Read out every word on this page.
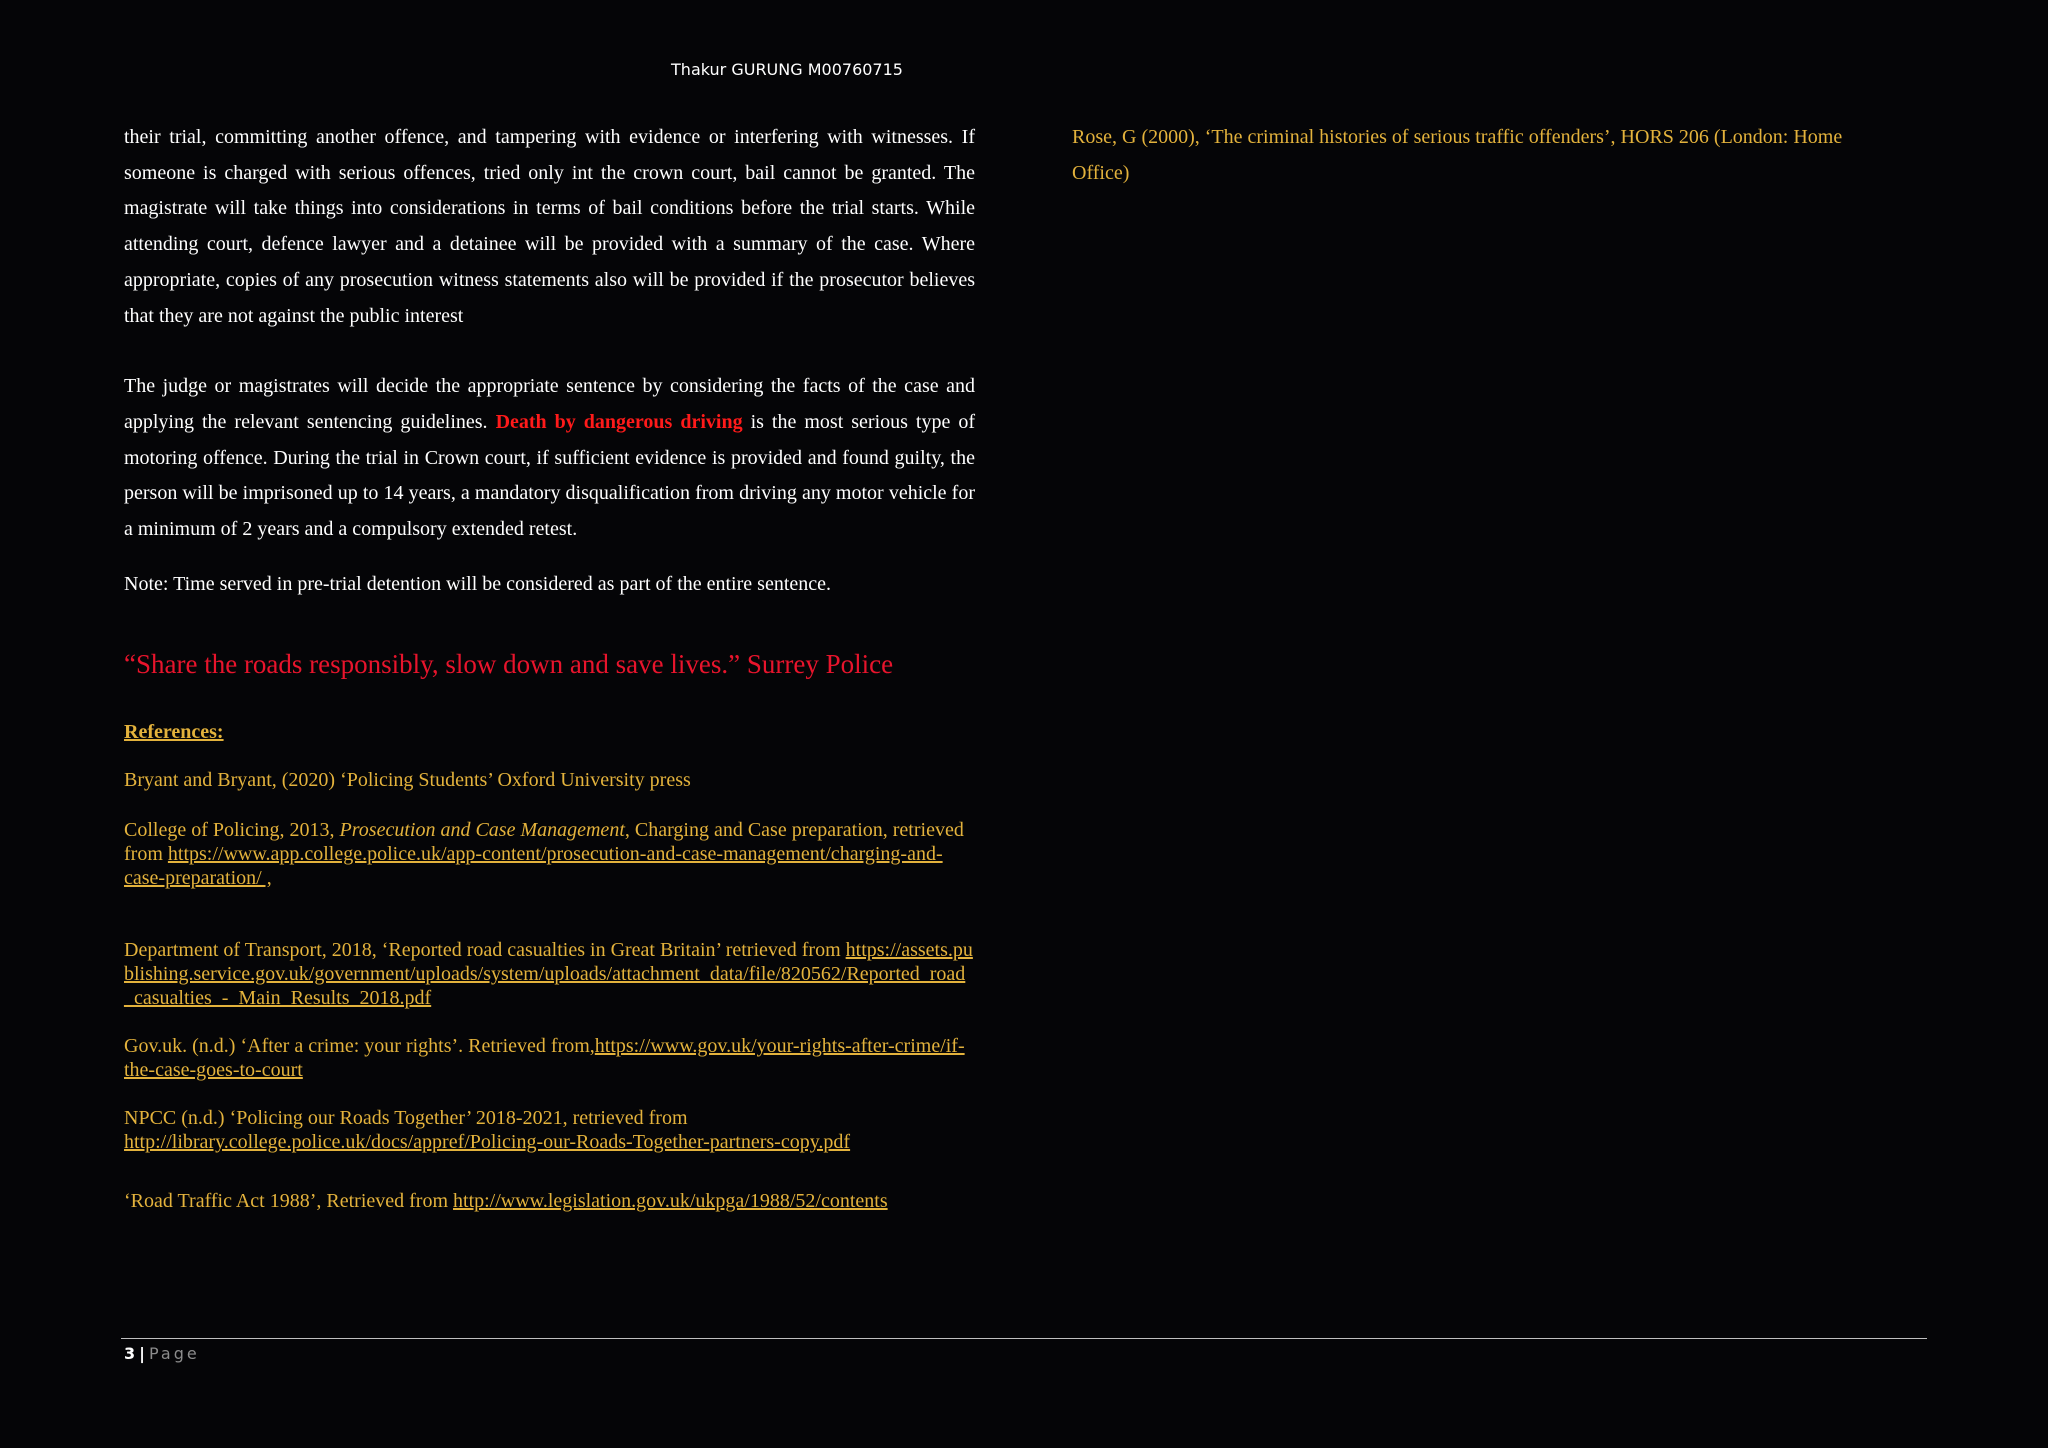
Thakur GURUNG M00760715

their trial, committing another offence, and tampering with evidence or interfering with witnesses. If someone is charged with serious offences, tried only int the crown court, bail cannot be granted. The magistrate will take things into considerations in terms of bail conditions before the trial starts. While attending court, defence lawyer and a detainee will be provided with a summary of the case. Where appropriate, copies of any prosecution witness statements also will be provided if the prosecutor believes that they are not against the public interest

The judge or magistrates will decide the appropriate sentence by considering the facts of the case and applying the relevant sentencing guidelines. Death by dangerous driving is the most serious type of motoring offence. During the trial in Crown court, if sufficient evidence is provided and found guilty, the person will be imprisoned up to 14 years, a mandatory disqualification from driving any motor vehicle for a minimum of 2 years and a compulsory extended retest.

Note: Time served in pre-trial detention will be considered as part of the entire sentence.

“Share the roads responsibly, slow down and save lives.” Surrey Police

References:

Bryant and Bryant, (2020) ‘Policing Students’ Oxford University press

College of Policing, 2013, Prosecution and Case Management, Charging and Case preparation, retrieved from https://www.app.college.police.uk/app-content/prosecution-and-case-management/charging-and-case-preparation/ ,

Department of Transport, 2018, ‘Reported road casualties in Great Britain’ retrieved from https://assets.publishing.service.gov.uk/government/uploads/system/uploads/attachment_data/file/820562/Reported_road_casualties_-_Main_Results_2018.pdf

Gov.uk. (n.d.) ‘After a crime: your rights’. Retrieved from,https://www.gov.uk/your-rights-after-crime/if-the-case-goes-to-court

NPCC (n.d.) ‘Policing our Roads Together’ 2018-2021, retrieved from http://library.college.police.uk/docs/appref/Policing-our-Roads-Together-partners-copy.pdf

‘Road Traffic Act 1988’, Retrieved from http://www.legislation.gov.uk/ukpga/1988/52/contents

Rose, G (2000), ‘The criminal histories of serious traffic offenders’, HORS 206 (London: Home Office)

3 | Page
